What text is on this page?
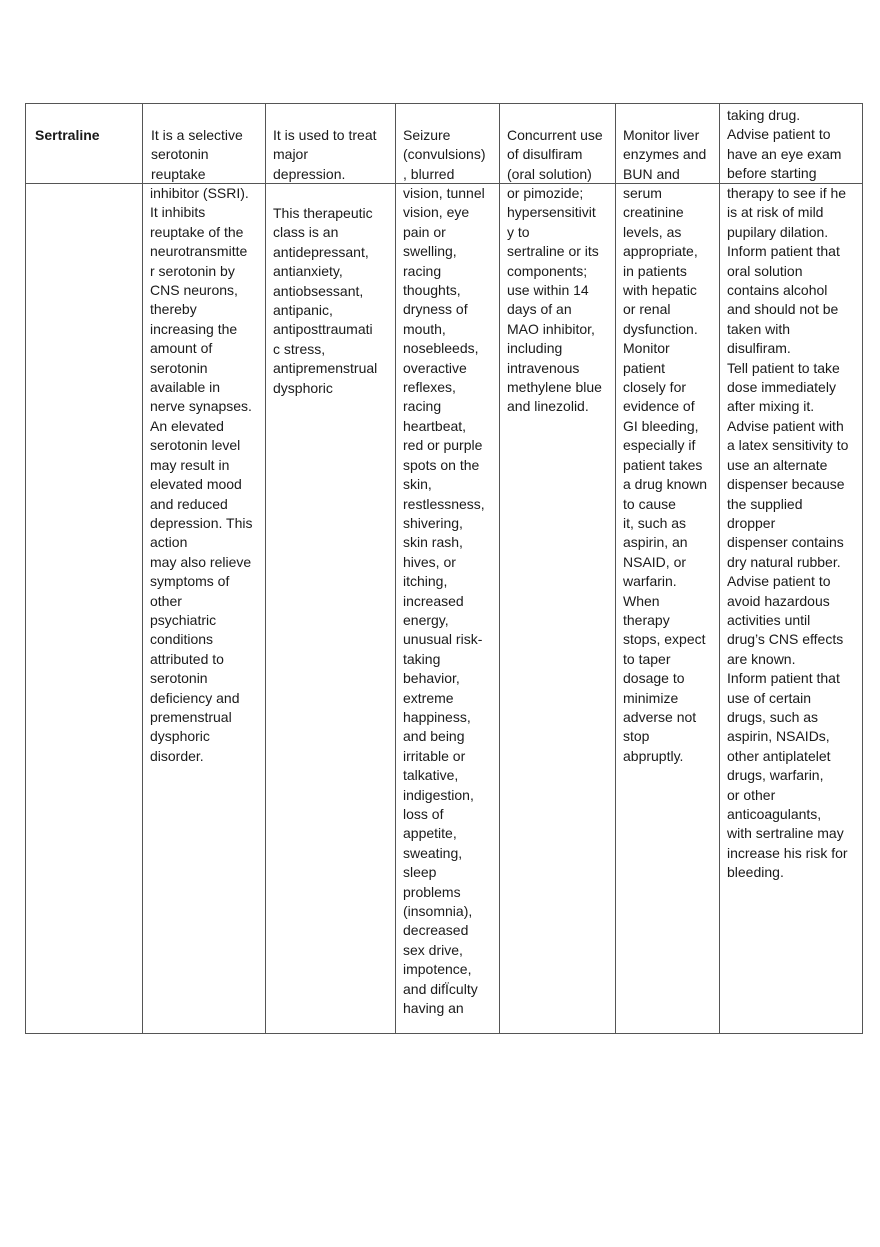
Sertraline	It is a selective
serotonin
reuptake
It is used to treat
major
depression.
Seizure
(convulsions)
, blurred
Concurrent use
of disulfiram
(oral solution)
Monitor liver
enzymes and
BUN and
taking drug.
Advise patient to
have an eye exam
before starting
inhibitor (SSRI).
It inhibits
reuptake of the
neurotransmitte
r serotonin by
CNS neurons,
thereby
increasing the
amount of
serotonin
available in
nerve synapses.
An elevated
serotonin level
may result in
elevated mood
and reduced
depression. This
action
may also relieve
symptoms of
other
psychiatric
conditions
attributed to
serotonin
deficiency and
premenstrual
dysphoric
disorder.
This therapeutic
class is an
antidepressant,
antianxiety,
antiobsessant,
antipanic,
antiposttraumati
c stress,
antipremenstrual
dysphoric
vision, tunnel
vision, eye
pain or
swelling,
racing
thoughts,
dryness of
mouth,
nosebleeds,
overactive
reflexes,
racing
heartbeat,
red or purple
spots on the
skin,
restlessness,
shivering,
skin rash,
hives, or
itching,
increased
energy,
unusual risk-
taking
behavior,
extreme
happiness,
and being
irritable or
talkative,
indigestion,
loss of
appetite,
sweating,
sleep
problems
(insomnia),
decreased
sex drive,
impotence,
and difÏculty
having an
or pimozide;
hypersensitivit
y to
sertraline or its
components;
use within 14
days of an
MAO inhibitor,
including
intravenous
methylene blue
and linezolid.
serum
creatinine
levels, as
appropriate,
in patients
with hepatic
or renal
dysfunction.
Monitor
patient
closely for
evidence of
GI bleeding,
especially if
patient takes
a drug known
to cause
it, such as
aspirin, an
NSAID, or
warfarin.
When
therapy
stops, expect
to taper
dosage to
minimize
adverse not
stop
abpruptly.
therapy to see if he
is at risk of mild
pupilary dilation.
Inform patient that
oral solution
contains alcohol
and should not be
taken with
disulfiram.
Tell patient to take
dose immediately
after mixing it.
Advise patient with
a latex sensitivity to
use an alternate
dispenser because
the supplied
dropper
dispenser contains
dry natural rubber.
Advise patient to
avoid hazardous
activities until
drug’s CNS effects
are known.
Inform patient that
use of certain
drugs, such as
aspirin, NSAIDs,
other antiplatelet
drugs, warfarin,
or other
anticoagulants,
with sertraline may
increase his risk for
bleeding.
